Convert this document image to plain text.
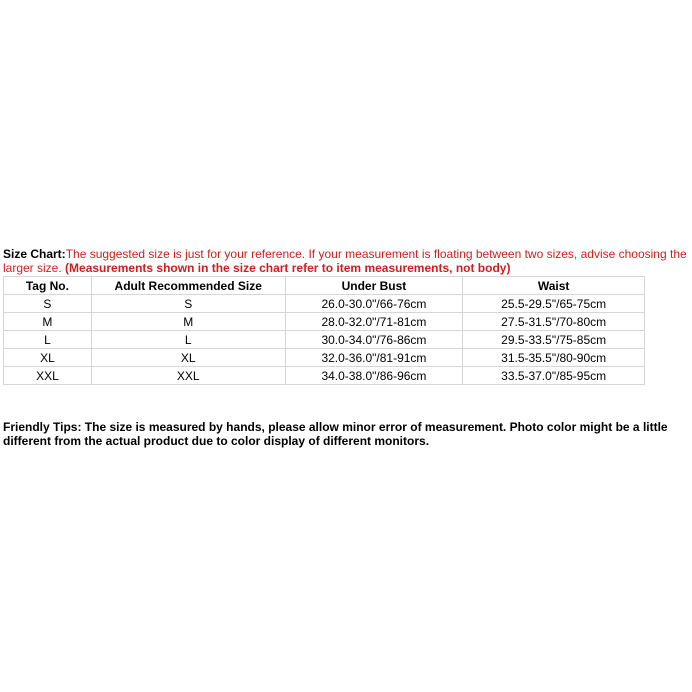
Size Chart:The suggested size is just for your reference. If your measurement is floating between two sizes, advise choosing the larger size. (Measurements shown in the size chart refer to item measurements, not body)
Tag No.	Adult Recommended Size	Under Bust	Waist
S	S	26.0-30.0"/66-76cm	25.5-29.5"/65-75cm
M	M	28.0-32.0"/71-81cm	27.5-31.5"/70-80cm
L	L	30.0-34.0"/76-86cm	29.5-33.5"/75-85cm
XL	XL	32.0-36.0"/81-91cm	31.5-35.5"/80-90cm
XXL	XXL	34.0-38.0"/86-96cm	33.5-37.0"/85-95cm
Friendly Tips: The size is measured by hands, please allow minor error of measurement. Photo color might be a little different from the actual product due to color display of different monitors.
